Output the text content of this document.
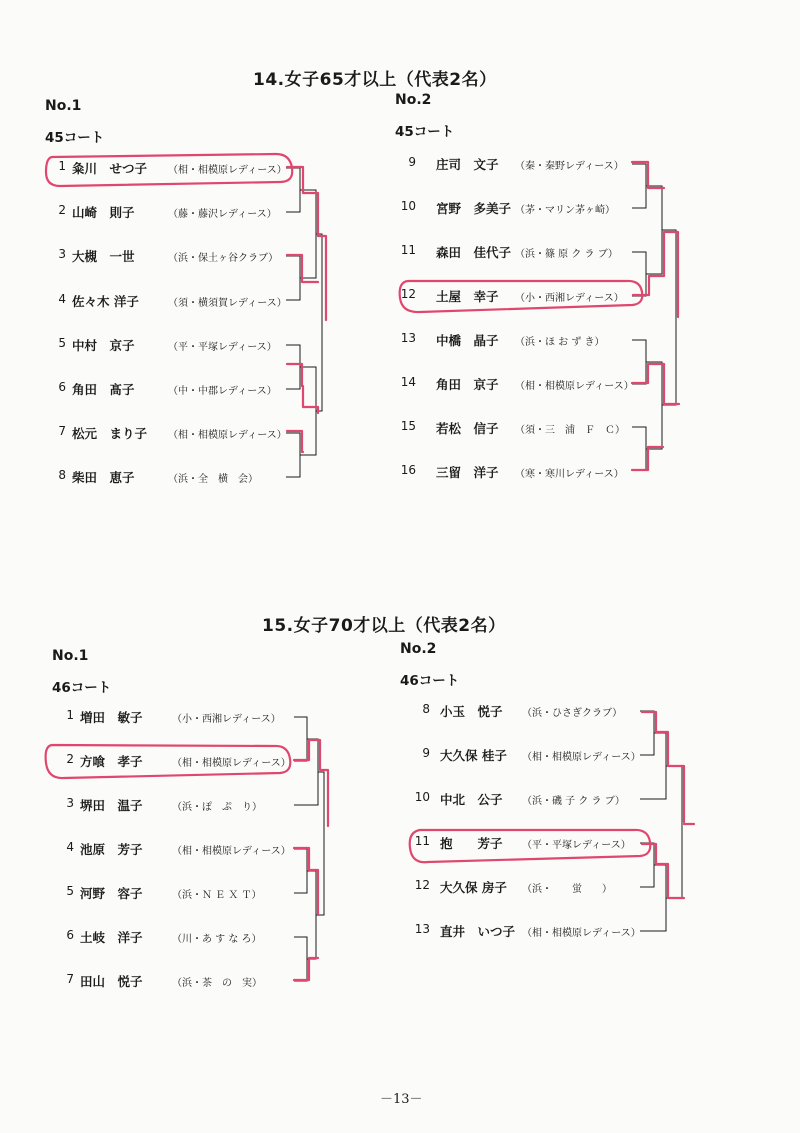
14.女子65才以上（代表2名）
No.1
45コート
No.2
45コート
15.女子70才以上（代表2名）
No.1
46コート
No.2
46コート
－13－
1 粂川　せつ子 （相・相模原レディース）
2 山崎　則子	（藤・藤沢レディース）
3 大槻　一世	（浜・保土ヶ谷クラブ）
4 佐々木 洋子	（須・横須賀レディース）
5 中村　京子	（平・平塚レディース）
6 角田　髙子	（中・中郡レディース）
7 松元　まり子 （相・相模原レディース）
8 柴田　恵子	（浜・全　横　会）
9 庄司　文子 （秦・秦野レディース）
10 宮野　多美子 （茅・マリン茅ヶ崎）
11 森田　佳代子 （浜・篠 原 ク ラ ブ）
12 土屋　幸子 （小・西湘レディース）
13 中橋　晶子 （浜・ほ お ず き）
14 角田　京子 （相・相模原レディース）
15 若松　信子 （須・三　浦　Ｆ　Ｃ）
16 三留　洋子 （寒・寒川レディース）
1 増田　敏子	（小・西湘レディース）
2 方喰　孝子	（相・相模原レディース）
3 堺田　温子	（浜・ぽ　ぷ　り）
4 池原　芳子	（相・相模原レディース）
5 河野　容子	（浜・Ｎ Ｅ Ｘ Ｔ）
6 土岐　洋子	（川・あ す な ろ）
7 田山　悦子	（浜・茶　の　実）
8 小玉　悦子 （浜・ひさぎクラブ）
9 大久保 桂子 （相・相模原レディース）
10 中北　公子 （浜・磯 子 ク ラ ブ）
11 抱　　芳子 （平・平塚レディース）
12 大久保 房子 （浜・　　蛍　　）
13 直井　いつ子 （相・相模原レディース）
